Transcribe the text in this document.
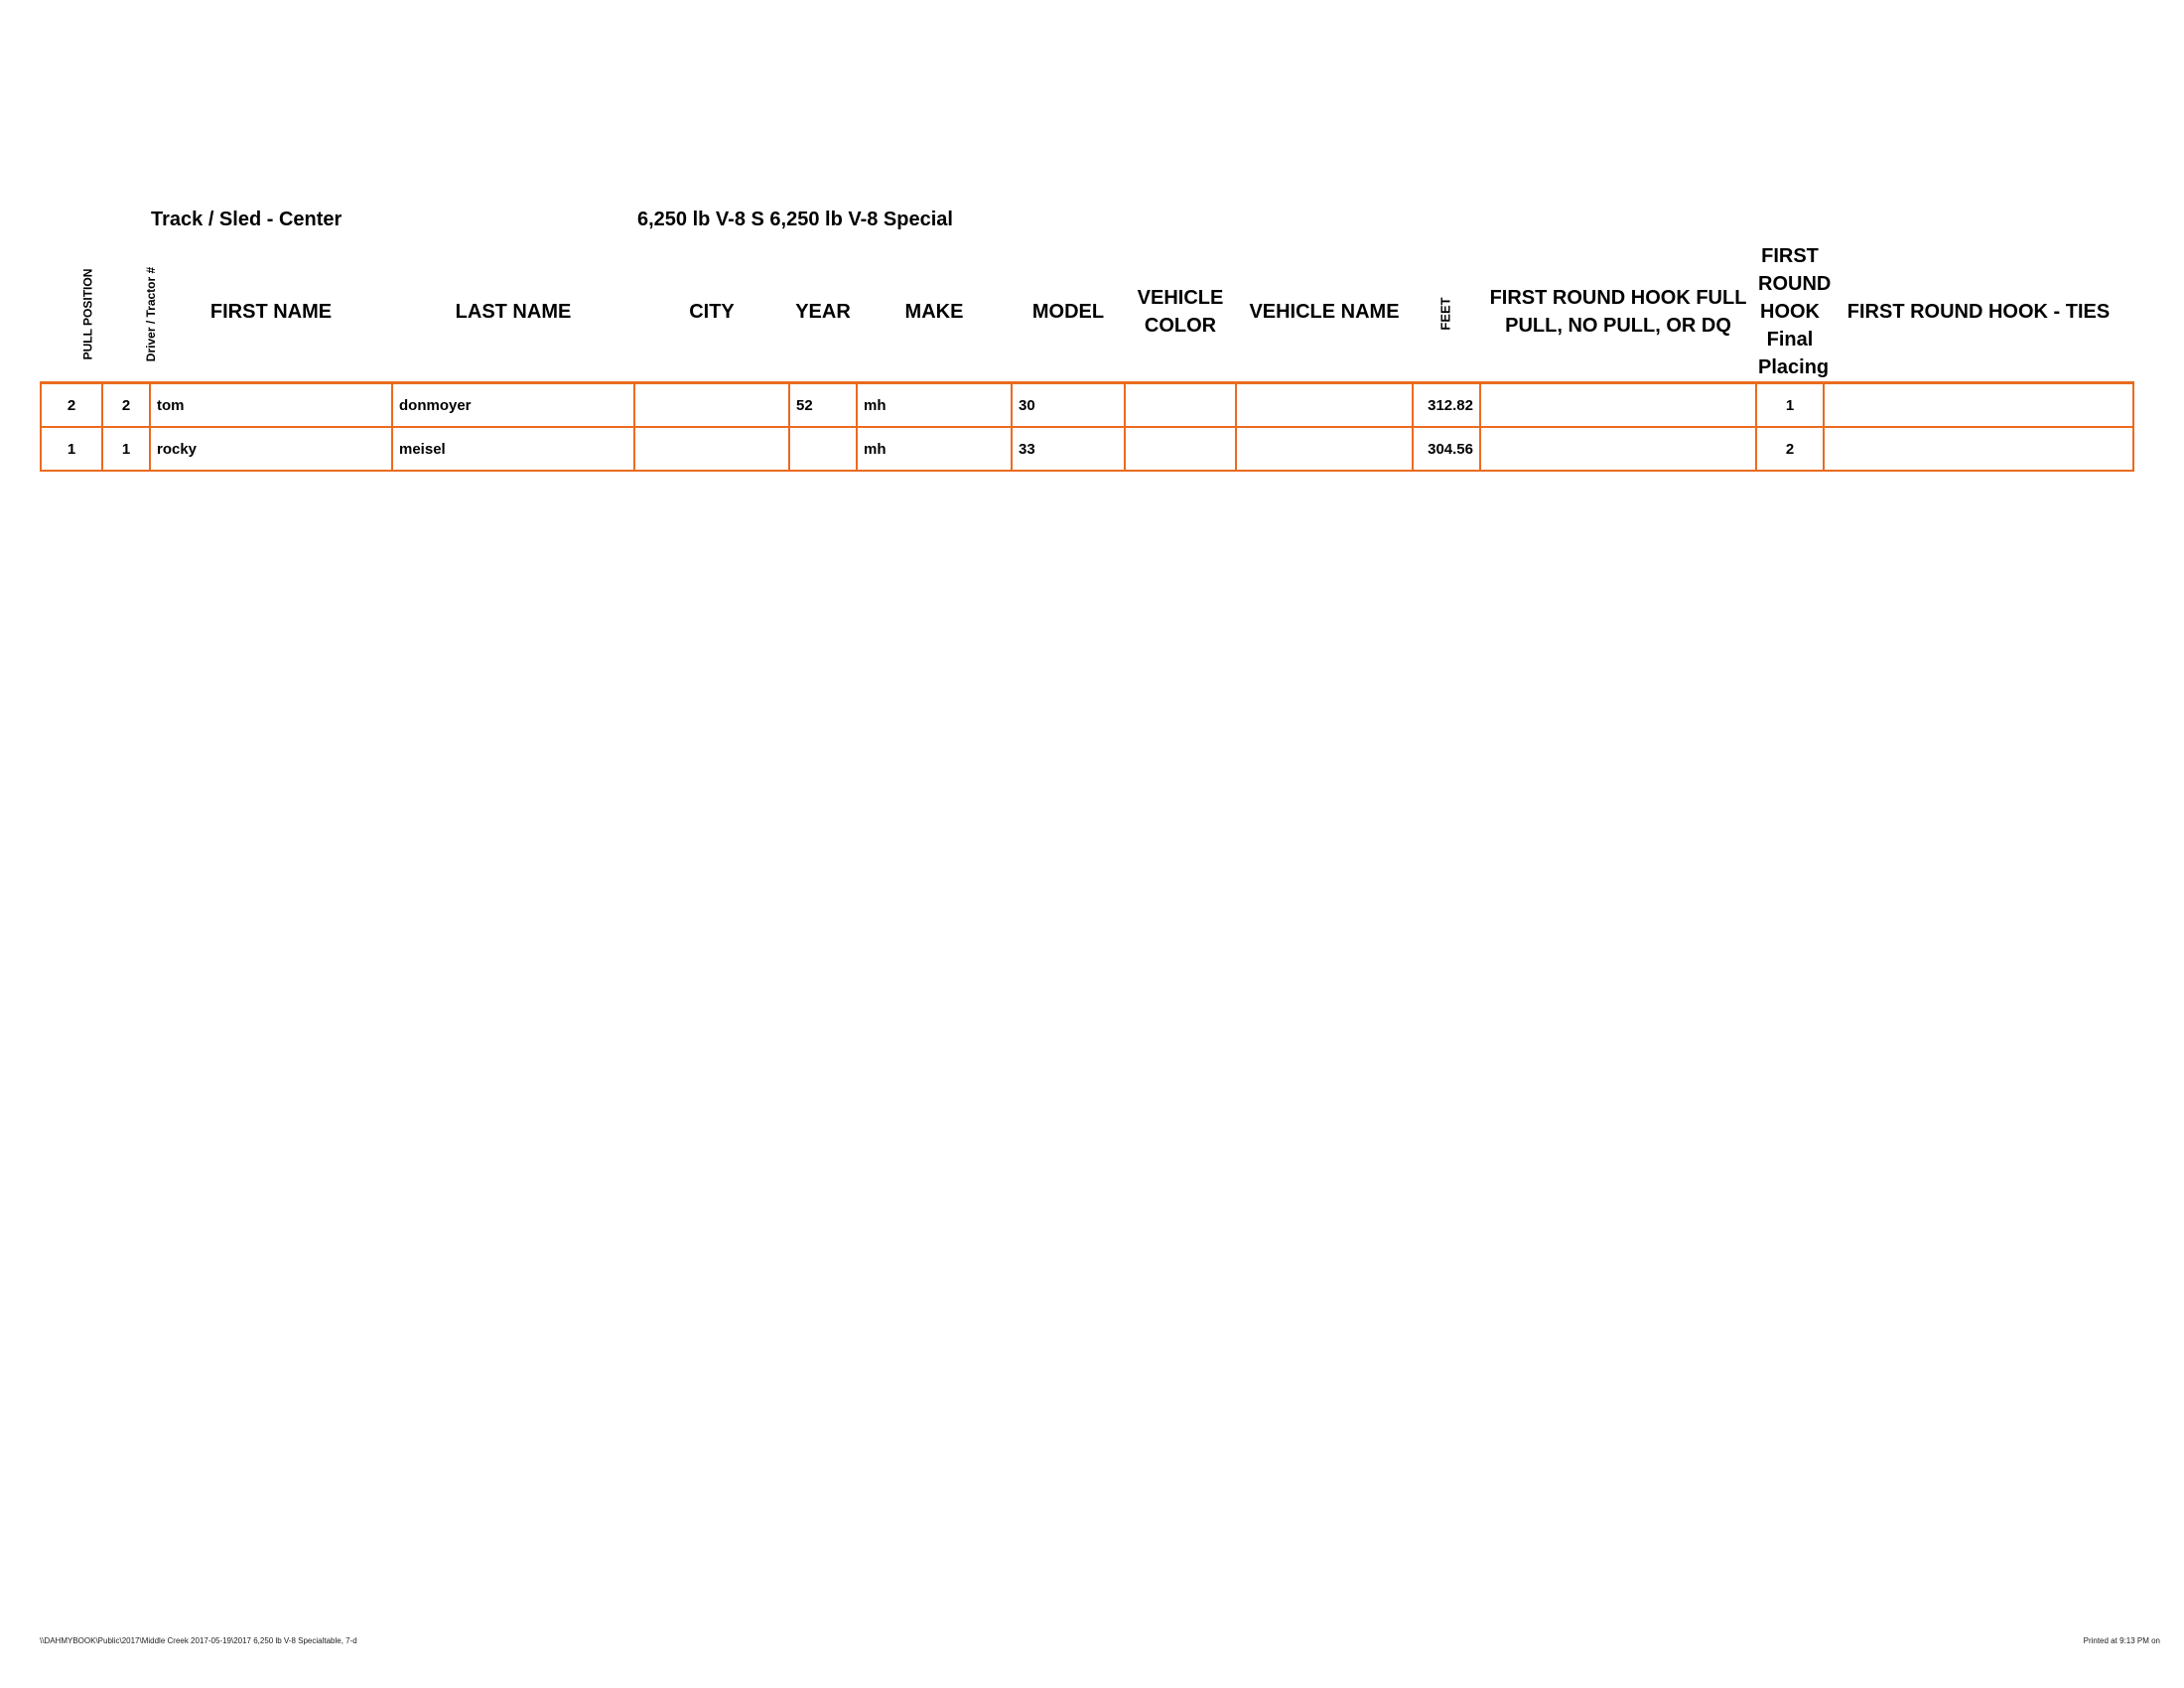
Track / Sled - Center	6,250 lb V-8 S 6,250 lb V-8 Special
PULL POSITION	Driver / Tractor #	FIRST NAME	LAST NAME	CITY	YEAR	MAKE	MODEL	VEHICLE COLOR	VEHICLE NAME	FEET	FIRST ROUND HOOK FULL PULL, NO PULL, OR DQ	FIRST ROUND HOOK Final Placing	FIRST ROUND HOOK - TIES
2	2	tom	donmoyer		52	mh	30			312.82		1	
1	1	rocky	meisel			mh	33			304.56		2	
\\DAHMYBOOK\Public\2017\Middle Creek 2017-05-19\2017 6,250 lb V-8 Specialtable, 7-d	Printed at 9:13 PM on
